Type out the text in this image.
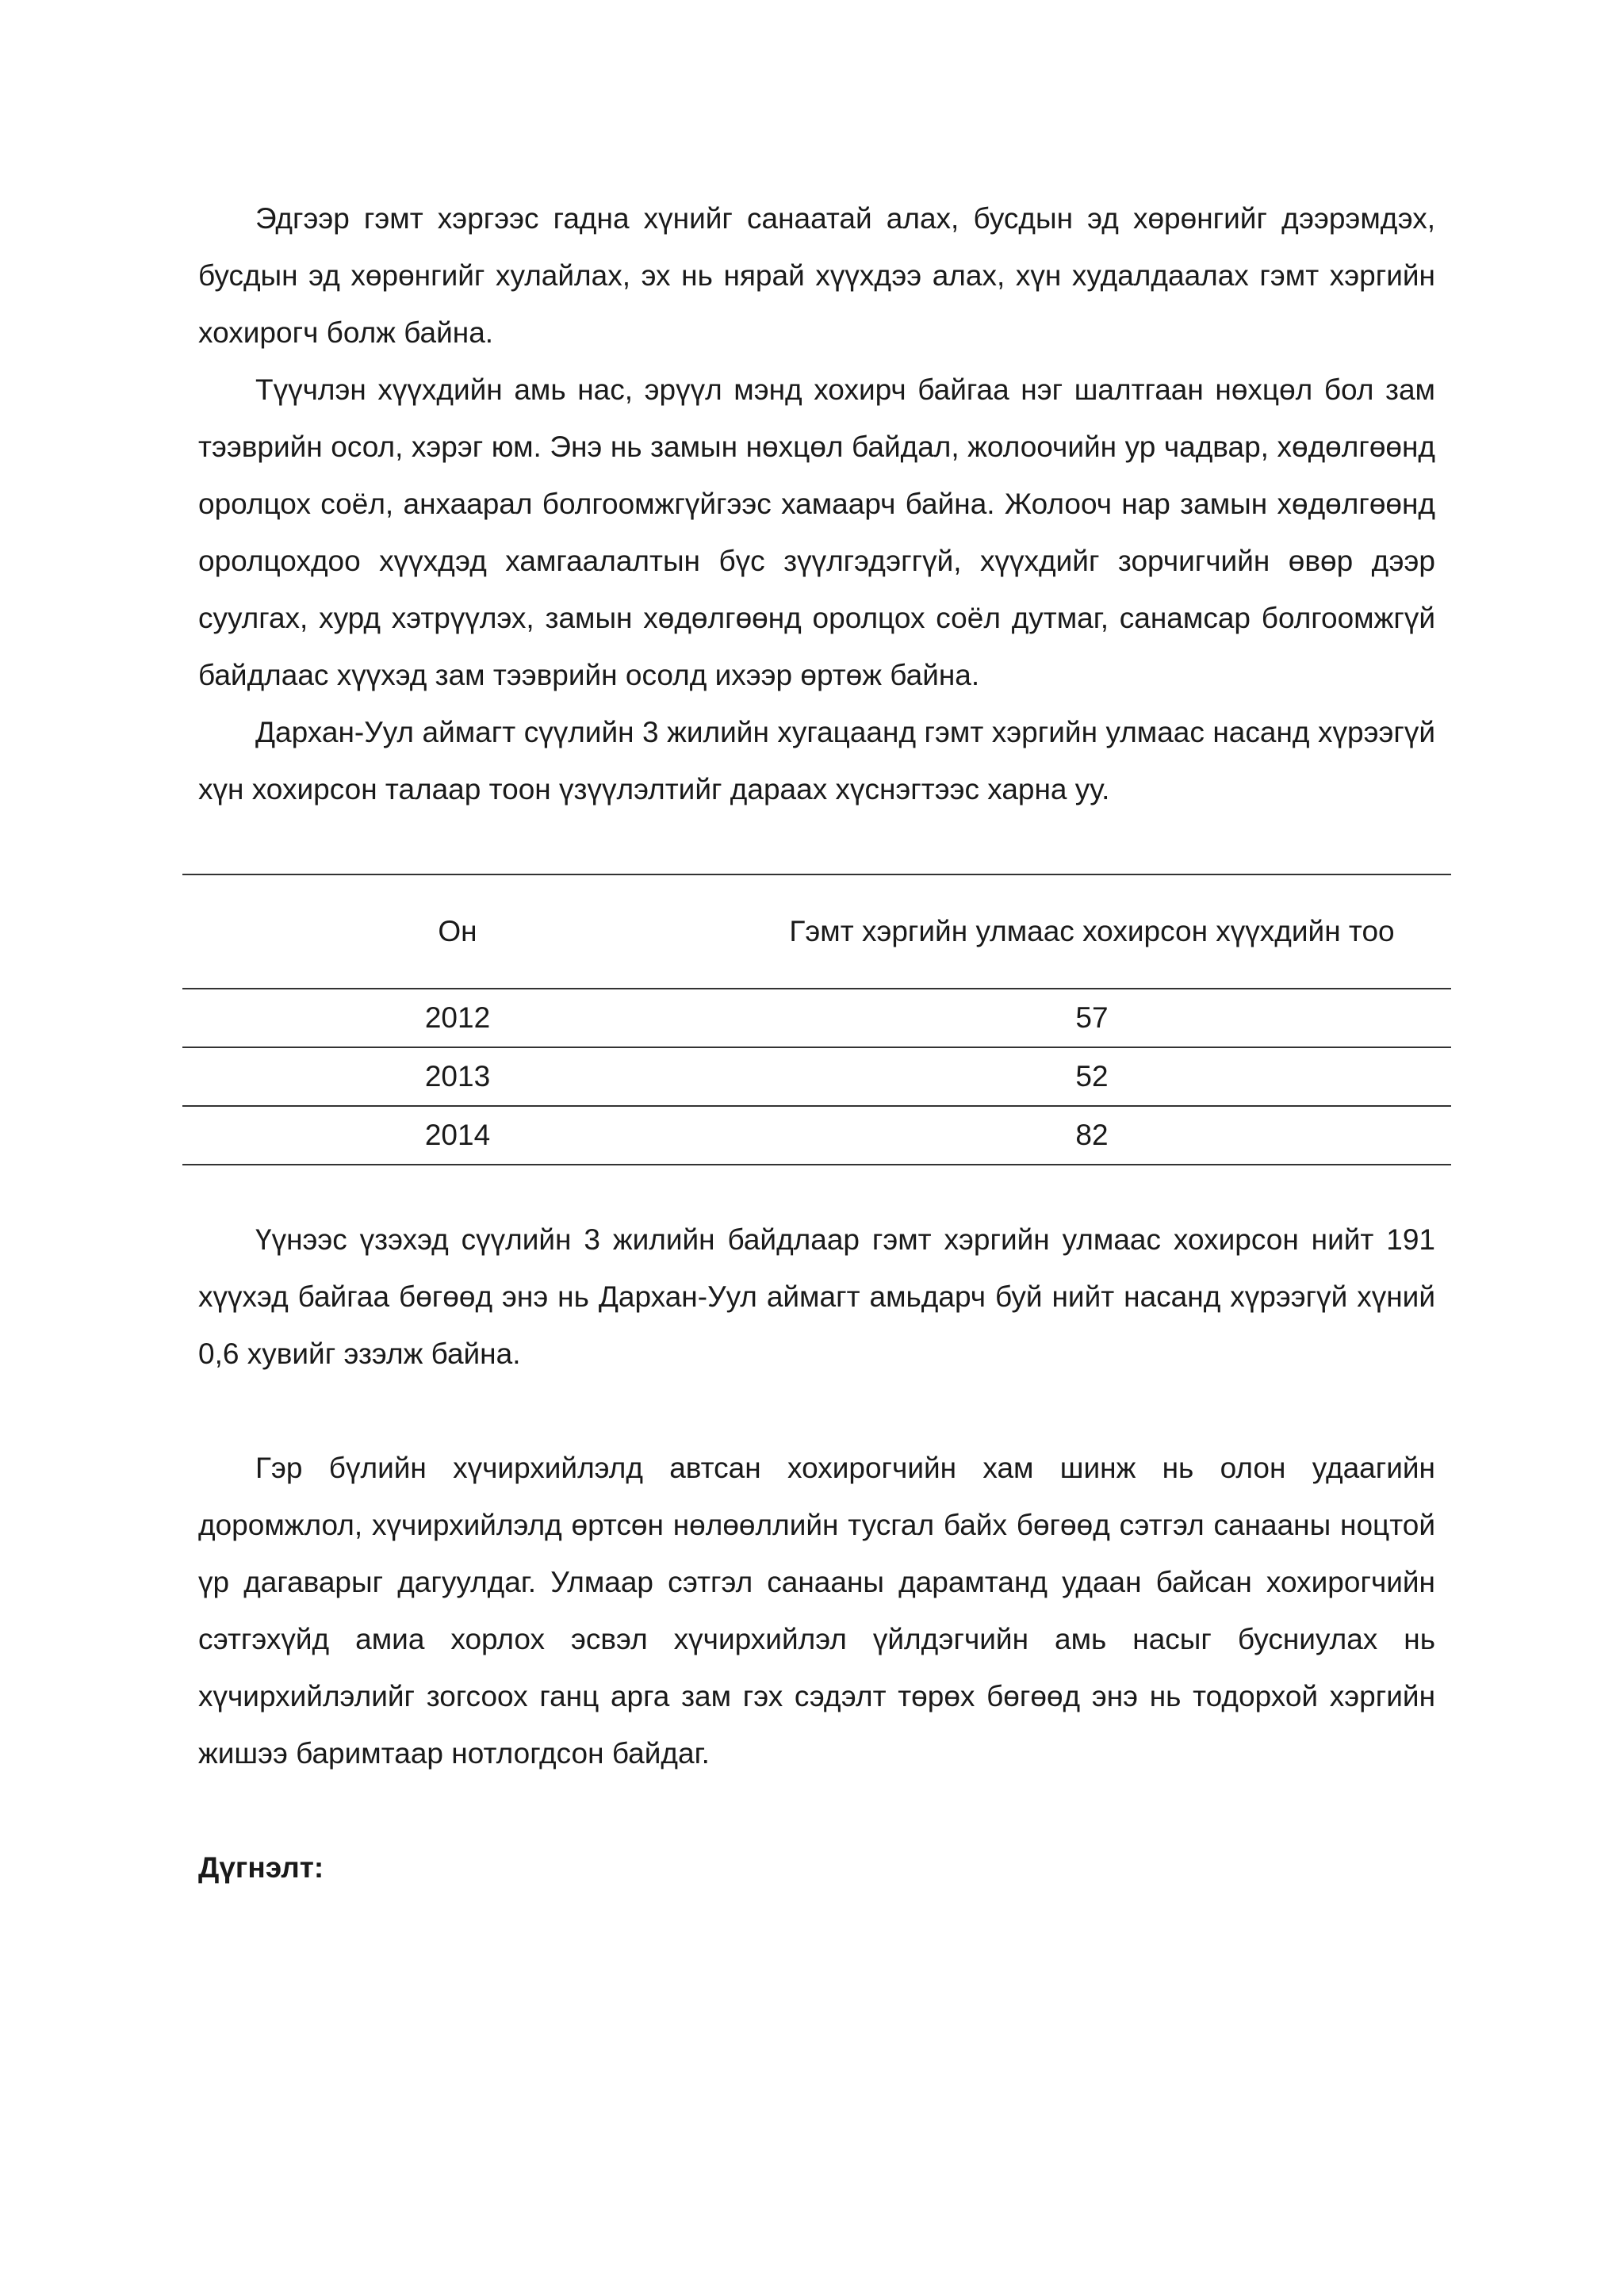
Эдгээр гэмт хэргээс гадна хүнийг санаатай алах, бусдын эд хөрөнгийг дээрэмдэх, бусдын эд хөрөнгийг хулайлах, эх нь нярай хүүхдээ алах, хүн худалдаалах гэмт хэргийн хохирогч болж байна.

Түүчлэн хүүхдийн амь нас, эрүүл мэнд хохирч байгаа нэг шалтгаан нөхцөл бол зам тээврийн осол, хэрэг юм. Энэ нь замын нөхцөл байдал, жолоочийн ур чадвар, хөдөлгөөнд оролцох соёл, анхаарал болгоомжгүйгээс хамаарч байна. Жолооч нар замын хөдөлгөөнд оролцохдоо хүүхдэд хамгаалалтын бүс зүүлгэдэггүй, хүүхдийг зорчигчийн өвөр дээр суулгах, хурд хэтрүүлэх, замын хөдөлгөөнд оролцох соёл дутмаг, санамсар болгоомжгүй байдлаас хүүхэд зам тээврийн осолд ихээр өртөж байна.

Дархан-Уул аймагт сүүлийн 3 жилийн хугацаанд гэмт хэргийн улмаас насанд хүрээгүй хүн хохирсон талаар тоон үзүүлэлтийг дараах хүснэгтээс харна уу.

Он	Гэмт хэргийн улмаас хохирсон хүүхдийн тоо
2012	57
2013	52
2014	82

Үүнээс үзэхэд сүүлийн 3 жилийн байдлаар гэмт хэргийн улмаас хохирсон нийт 191 хүүхэд байгаа бөгөөд энэ нь Дархан-Уул аймагт амьдарч буй нийт насанд хүрээгүй хүний 0,6 хувийг эзэлж байна.

Гэр бүлийн хүчирхийлэлд автсан хохирогчийн хам шинж нь олон удаагийн доромжлол, хүчирхийлэлд өртсөн нөлөөллийн тусгал байх бөгөөд сэтгэл санааны ноцтой үр дагаварыг дагуулдаг. Улмаар сэтгэл санааны дарамтанд удаан байсан хохирогчийн сэтгэхүйд амиа хорлох эсвэл хүчирхийлэл үйлдэгчийн амь насыг бусниулах нь хүчирхийлэлийг зогсоох ганц арга зам гэх сэдэлт төрөх бөгөөд энэ нь тодорхой хэргийн жишээ баримтаар нотлогдсон байдаг.

Дүгнэлт:
